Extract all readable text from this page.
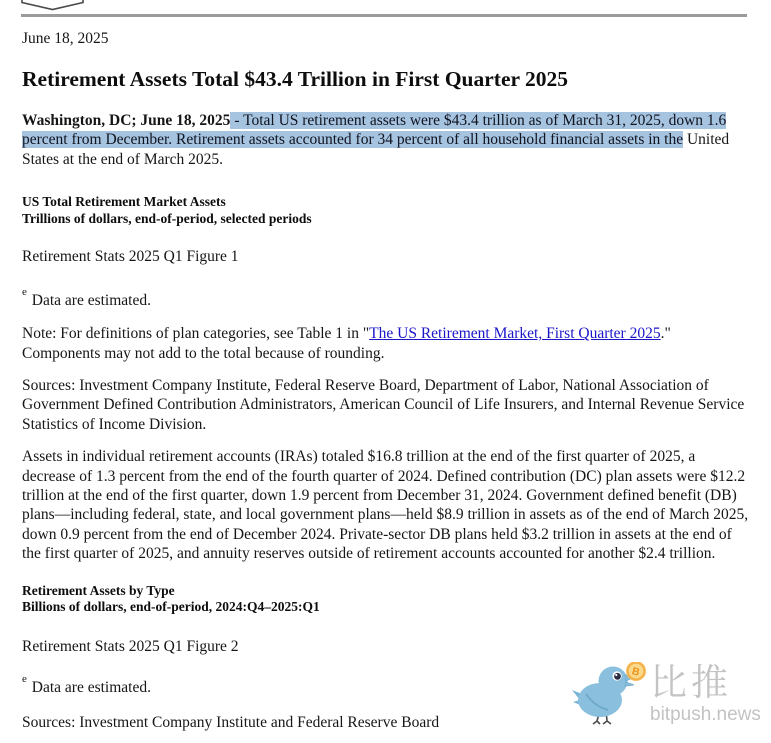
June 18, 2025

Retirement Assets Total $43.4 Trillion in First Quarter 2025

Washington, DC; June 18, 2025 - Total US retirement assets were $43.4 trillion as of March 31, 2025, down 1.6 percent from December. Retirement assets accounted for 34 percent of all household financial assets in the United States at the end of March 2025.

US Total Retirement Market Assets
Trillions of dollars, end-of-period, selected periods

Retirement Stats 2025 Q1 Figure 1

$^e$ Data are estimated.

Note: For definitions of plan categories, see Table 1 in "The US Retirement Market, First Quarter 2025." Components may not add to the total because of rounding.

Sources: Investment Company Institute, Federal Reserve Board, Department of Labor, National Association of Government Defined Contribution Administrators, American Council of Life Insurers, and Internal Revenue Service Statistics of Income Division.

Assets in individual retirement accounts (IRAs) totaled $16.8 trillion at the end of the first quarter of 2025, a decrease of 1.3 percent from the end of the fourth quarter of 2024. Defined contribution (DC) plan assets were $12.2 trillion at the end of the first quarter, down 1.9 percent from December 31, 2024. Government defined benefit (DB) plans—including federal, state, and local government plans—held $8.9 trillion in assets as of the end of March 2025, down 0.9 percent from the end of December 2024. Private-sector DB plans held $3.2 trillion in assets at the end of the first quarter of 2025, and annuity reserves outside of retirement accounts accounted for another $2.4 trillion.

Retirement Assets by Type
Billions of dollars, end-of-period, 2024:Q4–2025:Q1

Retirement Stats 2025 Q1 Figure 2

$^e$ Data are estimated.

Sources: Investment Company Institute and Federal Reserve Board

B 比推
bitpush.news
